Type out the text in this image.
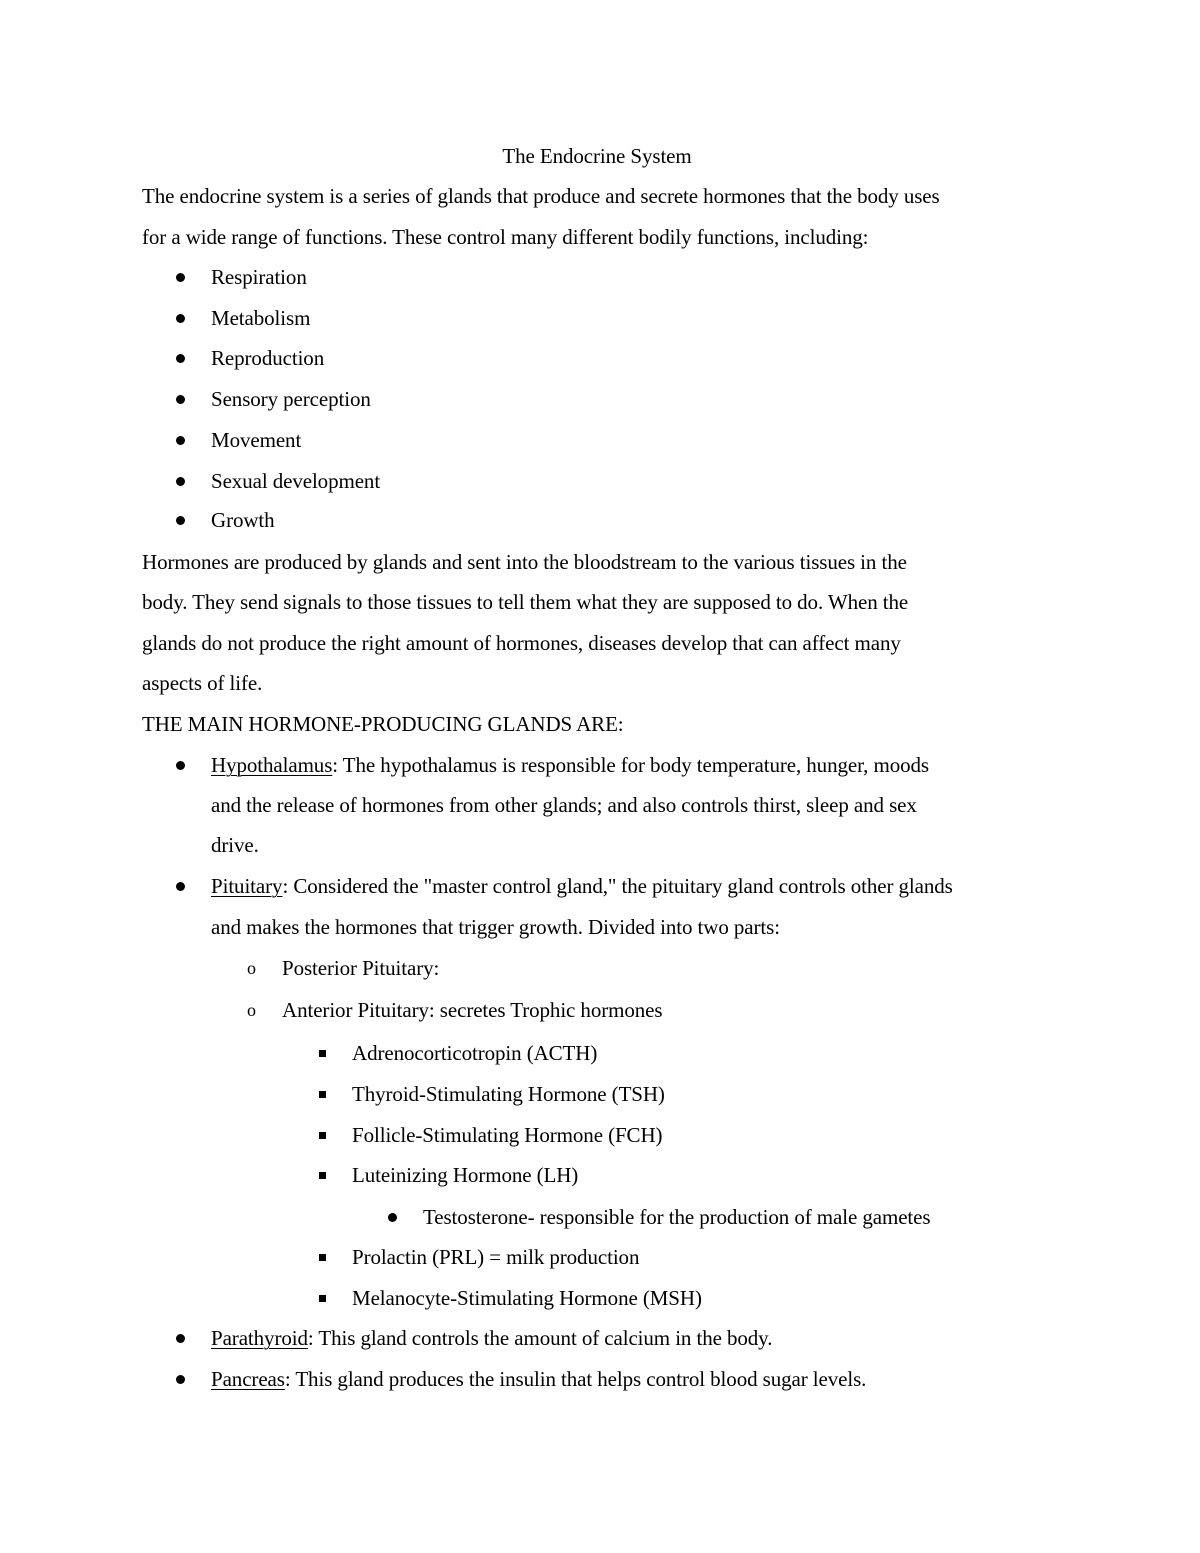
The Endocrine System
The endocrine system is a series of glands that produce and secrete hormones that the body uses
for a wide range of functions. These control many different bodily functions, including:
Respiration
Metabolism
Reproduction
Sensory perception
Movement
Sexual development
Growth
Hormones are produced by glands and sent into the bloodstream to the various tissues in the
body. They send signals to those tissues to tell them what they are supposed to do. When the
glands do not produce the right amount of hormones, diseases develop that can affect many
aspects of life.
THE MAIN HORMONE-PRODUCING GLANDS ARE:
Hypothalamus: The hypothalamus is responsible for body temperature, hunger, moods
and the release of hormones from other glands; and also controls thirst, sleep and sex
drive.
Pituitary: Considered the "master control gland," the pituitary gland controls other glands
and makes the hormones that trigger growth. Divided into two parts:
o Posterior Pituitary:
o Anterior Pituitary: secretes Trophic hormones
Adrenocorticotropin (ACTH)
Thyroid-Stimulating Hormone (TSH)
Follicle-Stimulating Hormone (FCH)
Luteinizing Hormone (LH)
Testosterone- responsible for the production of male gametes
Prolactin (PRL) = milk production
Melanocyte-Stimulating Hormone (MSH)
Parathyroid: This gland controls the amount of calcium in the body.
Pancreas: This gland produces the insulin that helps control blood sugar levels.
